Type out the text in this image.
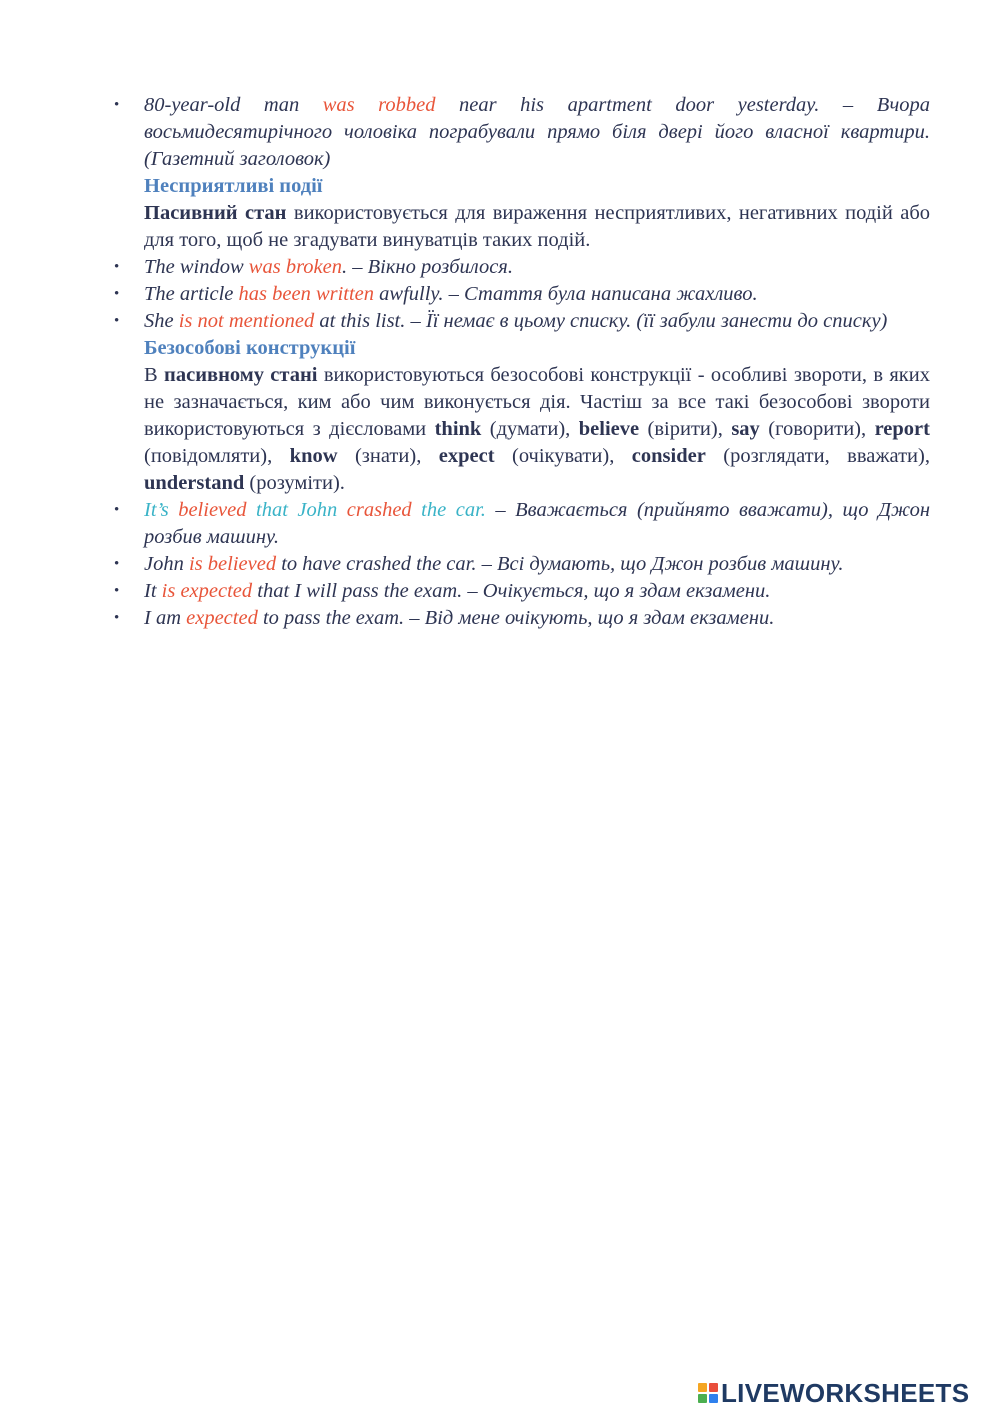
• 80-year-old man was robbed near his apartment door yesterday. – Вчора восьмидесятирічного чоловіка пограбували прямо біля двері його власної квартири. (Газетний заголовок)
Несприятливі події
Пасивний стан використовується для вираження несприятливих, негативних подій або для того, щоб не згадувати винуватців таких подій.
• The window was broken. – Вікно розбилося.
• The article has been written awfully. – Стаття була написана жахливо.
• She is not mentioned at this list. – Її немає в цьому списку. (її забули занести до списку)
Безособові конструкції
В пасивному стані використовуються безособові конструкції - особливі звороти, в яких не зазначається, ким або чим виконується дія. Частіш за все такі безособові звороти використовуються з дієсловами think (думати), believe (вірити), say (говорити), report (повідомляти), know (знати), expect (очікувати), consider (розглядати, вважати), understand (розуміти).
• It’s believed that John crashed the car. – Вважається (прийнято вважати), що Джон розбив машину.
• John is believed to have crashed the car. – Всі думають, що Джон розбив машину.
• It is expected that I will pass the exam. – Очікується, що я здам екзамени.
• I am expected to pass the exam. – Від мене очікують, що я здам екзамени.
LIVEWORKSHEETS
